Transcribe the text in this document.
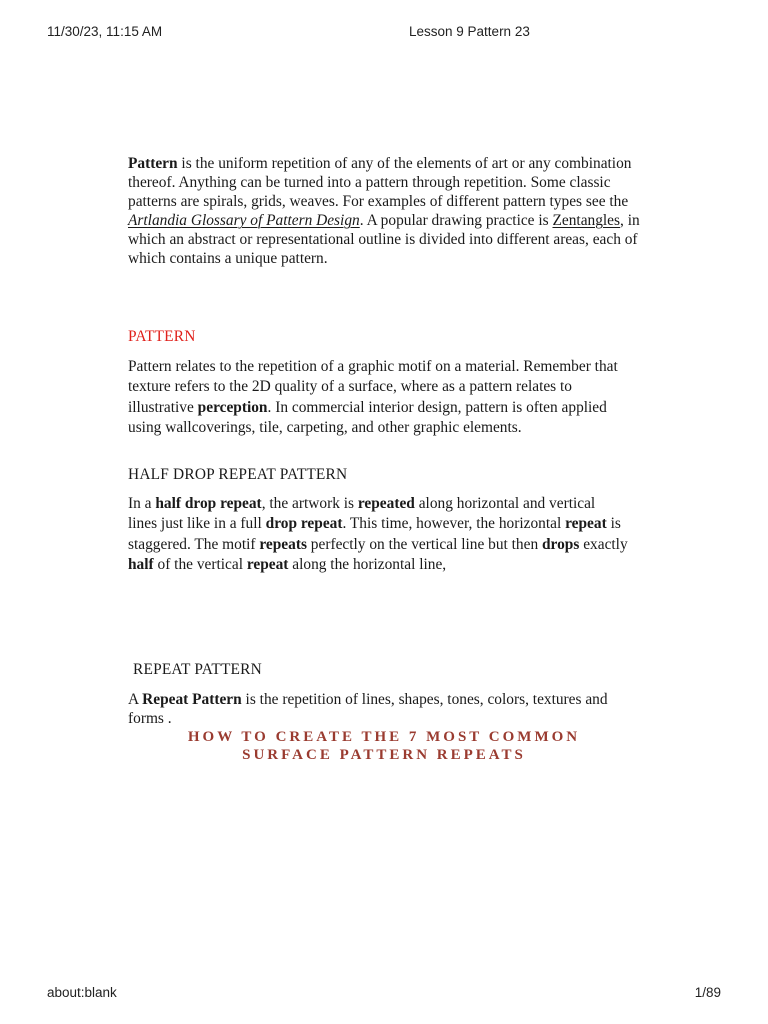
11/30/23, 11:15 AM	Lesson 9 Pattern 23

Pattern is the uniform repetition of any of the elements of art or any combination thereof. Anything can be turned into a pattern through repetition. Some classic patterns are spirals, grids, weaves. For examples of different pattern types see the Artlandia Glossary of Pattern Design. A popular drawing practice is Zentangles, in which an abstract or representational outline is divided into different areas, each of which contains a unique pattern.

PATTERN

Pattern relates to the repetition of a graphic motif on a material. Remember that texture refers to the 2D quality of a surface, where as a pattern relates to illustrative perception. In commercial interior design, pattern is often applied using wallcoverings, tile, carpeting, and other graphic elements.

HALF DROP REPEAT PATTERN

In a half drop repeat, the artwork is repeated along horizontal and vertical lines just like in a full drop repeat. This time, however, the horizontal repeat is staggered. The motif repeats perfectly on the vertical line but then drops exactly half of the vertical repeat along the horizontal line,

REPEAT PATTERN

A Repeat Pattern is the repetition of lines, shapes, tones, colors, textures and forms .

HOW TO CREATE THE 7 MOST COMMON
SURFACE PATTERN REPEATS
about:blank	1/89
